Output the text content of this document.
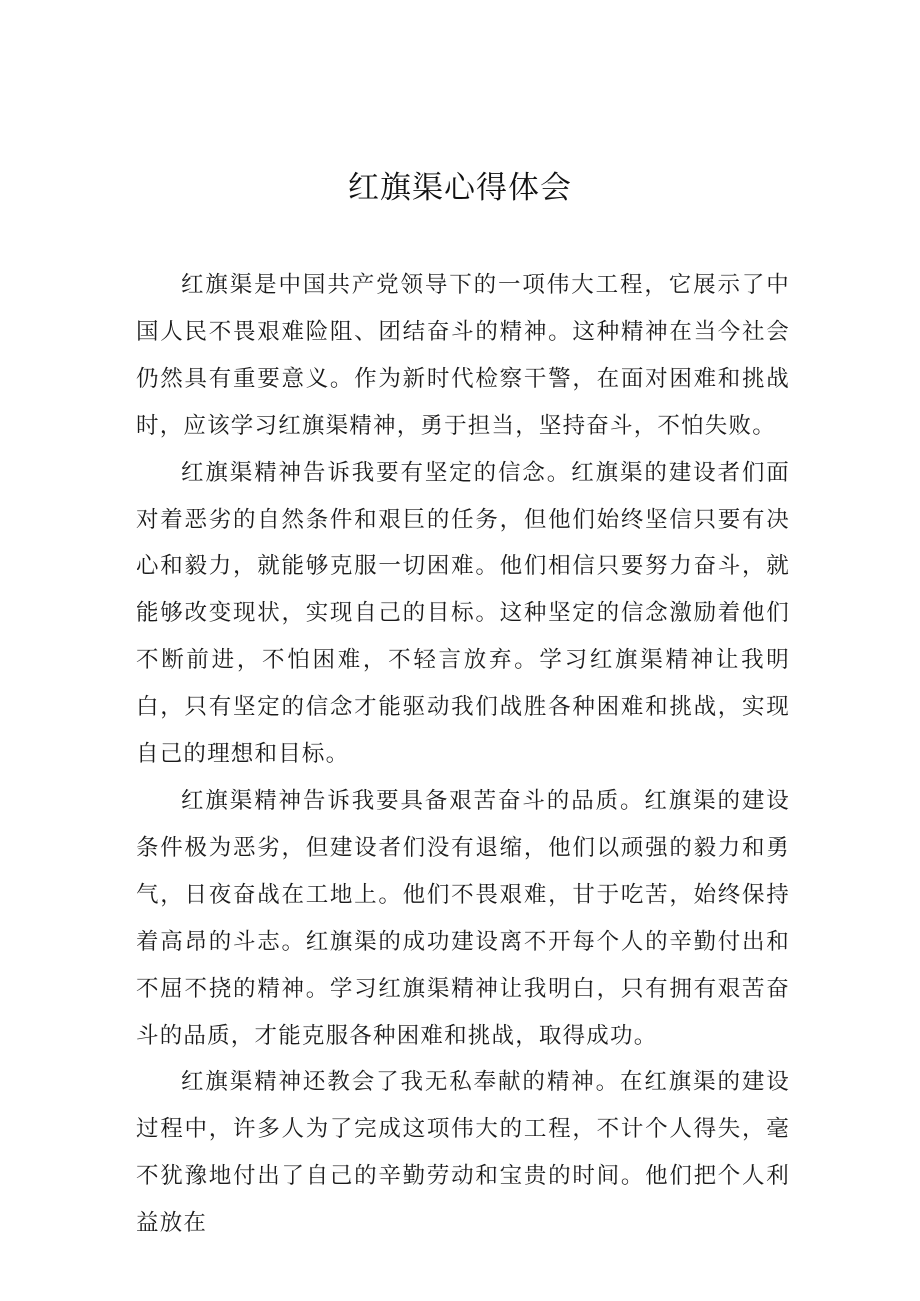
红旗渠心得体会

红旗渠是中国共产党领导下的一项伟大工程，它展示了中国人民不畏艰难险阻、团结奋斗的精神。这种精神在当今社会仍然具有重要意义。作为新时代检察干警，在面对困难和挑战时，应该学习红旗渠精神，勇于担当，坚持奋斗，不怕失败。

红旗渠精神告诉我要有坚定的信念。红旗渠的建设者们面对着恶劣的自然条件和艰巨的任务，但他们始终坚信只要有决心和毅力，就能够克服一切困难。他们相信只要努力奋斗，就能够改变现状，实现自己的目标。这种坚定的信念激励着他们不断前进，不怕困难，不轻言放弃。学习红旗渠精神让我明白，只有坚定的信念才能驱动我们战胜各种困难和挑战，实现自己的理想和目标。

红旗渠精神告诉我要具备艰苦奋斗的品质。红旗渠的建设条件极为恶劣，但建设者们没有退缩，他们以顽强的毅力和勇气，日夜奋战在工地上。他们不畏艰难，甘于吃苦，始终保持着高昂的斗志。红旗渠的成功建设离不开每个人的辛勤付出和不屈不挠的精神。学习红旗渠精神让我明白，只有拥有艰苦奋斗的品质，才能克服各种困难和挑战，取得成功。

红旗渠精神还教会了我无私奉献的精神。在红旗渠的建设过程中，许多人为了完成这项伟大的工程，不计个人得失，毫不犹豫地付出了自己的辛勤劳动和宝贵的时间。他们把个人利益放在
